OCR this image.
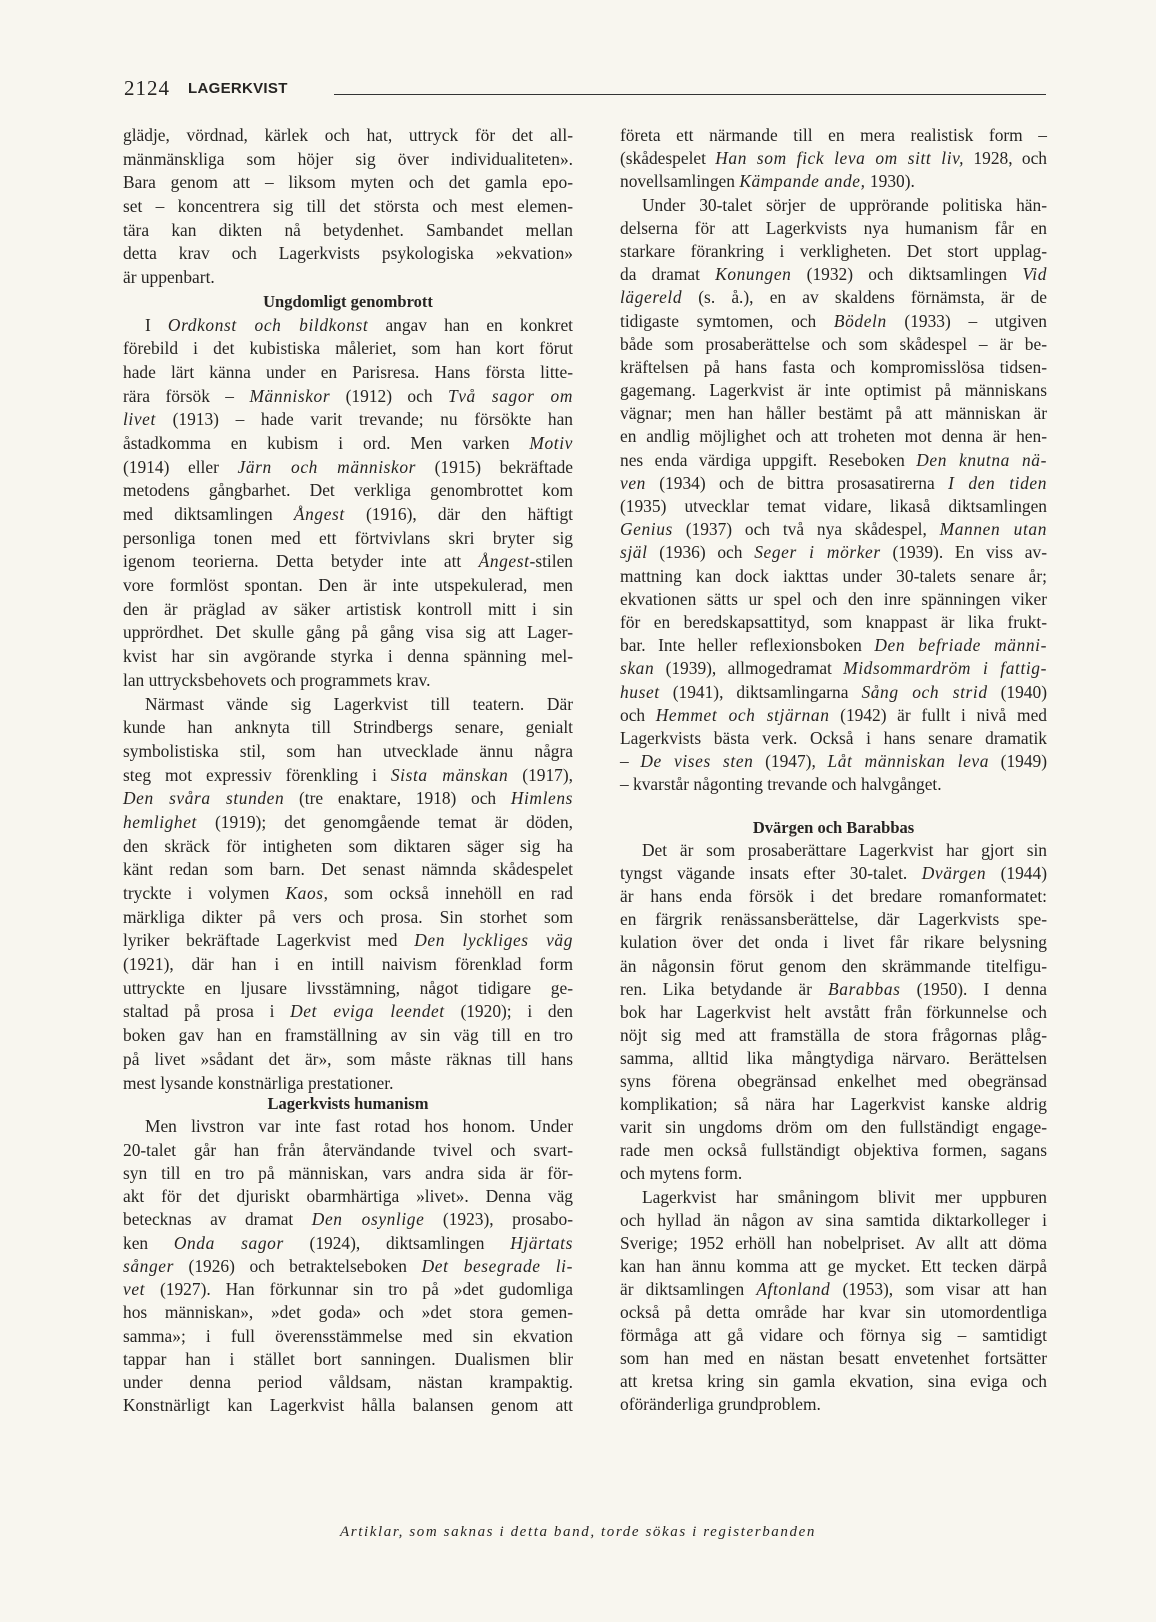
2124 LAGERKVIST
glädje, vördnad, kärlek och hat, uttryck för det all-
mänmänskliga som höjer sig över individualiteten».
Bara genom att – liksom myten och det gamla epo-
set – koncentrera sig till det största och mest elemen-
tära kan dikten nå betydenhet. Sambandet mellan
detta krav och Lagerkvists psykologiska »ekvation»
är uppenbart.
Ungdomligt genombrott
I Ordkonst och bildkonst angav han en konkret
förebild i det kubistiska måleriet, som han kort förut
hade lärt känna under en Parisresa. Hans första litte-
rära försök – Människor (1912) och Två sagor om
livet (1913) – hade varit trevande; nu försökte han
åstadkomma en kubism i ord. Men varken Motiv
(1914) eller Järn och människor (1915) bekräftade
metodens gångbarhet. Det verkliga genombrottet kom
med diktsamlingen Ångest (1916), där den häftigt
personliga tonen med ett förtvivlans skri bryter sig
igenom teorierna. Detta betyder inte att Ångest-stilen
vore formlöst spontan. Den är inte utspekulerad, men
den är präglad av säker artistisk kontroll mitt i sin
upprördhet. Det skulle gång på gång visa sig att Lager-
kvist har sin avgörande styrka i denna spänning mel-
lan uttrycksbehovets och programmets krav.
Närmast vände sig Lagerkvist till teatern. Där
kunde han anknyta till Strindbergs senare, genialt
symbolistiska stil, som han utvecklade ännu några
steg mot expressiv förenkling i Sista mänskan (1917),
Den svåra stunden (tre enaktare, 1918) och Himlens
hemlighet (1919); det genomgående temat är döden,
den skräck för intigheten som diktaren säger sig ha
känt redan som barn. Det senast nämnda skådespelet
tryckte i volymen Kaos, som också innehöll en rad
märkliga dikter på vers och prosa. Sin storhet som
lyriker bekräftade Lagerkvist med Den lyckliges väg
(1921), där han i en intill naivism förenklad form
uttryckte en ljusare livsstämning, något tidigare ge-
staltad på prosa i Det eviga leendet (1920); i den
boken gav han en framställning av sin väg till en tro
på livet »sådant det är», som måste räknas till hans
mest lysande konstnärliga prestationer.
Lagerkvists humanism
Men livstron var inte fast rotad hos honom. Under
20-talet går han från återvändande tvivel och svart-
syn till en tro på människan, vars andra sida är för-
akt för det djuriskt obarmhärtiga »livet». Denna väg
betecknas av dramat Den osynlige (1923), prosabo-
ken Onda sagor (1924), diktsamlingen Hjärtats
sånger (1926) och betraktelseboken Det besegrade li-
vet (1927). Han förkunnar sin tro på »det gudomliga
hos människan», »det goda» och »det stora gemen-
samma»; i full överensstämmelse med sin ekvation
tappar han i stället bort sanningen. Dualismen blir
under denna period våldsam, nästan krampaktig.
Konstnärligt kan Lagerkvist hålla balansen genom att
företa ett närmande till en mera realistisk form –
(skådespelet Han som fick leva om sitt liv, 1928, och
novellsamlingen Kämpande ande, 1930).
Under 30-talet sörjer de upprörande politiska hän-
delserna för att Lagerkvists nya humanism får en
starkare förankring i verkligheten. Det stort upplag-
da dramat Konungen (1932) och diktsamlingen Vid
lägereld (s. å.), en av skaldens förnämsta, är de
tidigaste symtomen, och Bödeln (1933) – utgiven
både som prosaberättelse och som skådespel – är be-
kräftelsen på hans fasta och kompromisslösa tidsen-
gagemang. Lagerkvist är inte optimist på människans
vägnar; men han håller bestämt på att människan är
en andlig möjlighet och att troheten mot denna är hen-
nes enda värdiga uppgift. Reseboken Den knutna nä-
ven (1934) och de bittra prosasatirerna I den tiden
(1935) utvecklar temat vidare, likaså diktsamlingen
Genius (1937) och två nya skådespel, Mannen utan
själ (1936) och Seger i mörker (1939). En viss av-
mattning kan dock iakttas under 30-talets senare år;
ekvationen sätts ur spel och den inre spänningen viker
för en beredskapsattityd, som knappast är lika frukt-
bar. Inte heller reflexionsboken Den befriade männi-
skan (1939), allmogedramat Midsommardröm i fattig-
huset (1941), diktsamlingarna Sång och strid (1940)
och Hemmet och stjärnan (1942) är fullt i nivå med
Lagerkvists bästa verk. Också i hans senare dramatik
– De vises sten (1947), Låt människan leva (1949)
– kvarstår någonting trevande och halvgånget.
Dvärgen och Barabbas
Det är som prosaberättare Lagerkvist har gjort sin
tyngst vägande insats efter 30-talet. Dvärgen (1944)
är hans enda försök i det bredare romanformatet:
en färgrik renässansberättelse, där Lagerkvists spe-
kulation över det onda i livet får rikare belysning
än någonsin förut genom den skrämmande titelfigu-
ren. Lika betydande är Barabbas (1950). I denna
bok har Lagerkvist helt avstått från förkunnelse och
nöjt sig med att framställa de stora frågornas plåg-
samma, alltid lika mångtydiga närvaro. Berättelsen
syns förena obegränsad enkelhet med obegränsad
komplikation; så nära har Lagerkvist kanske aldrig
varit sin ungdoms dröm om den fullständigt engage-
rade men också fullständigt objektiva formen, sagans
och mytens form.
Lagerkvist har småningom blivit mer uppburen
och hyllad än någon av sina samtida diktarkolleger i
Sverige; 1952 erhöll han nobelpriset. Av allt att döma
kan han ännu komma att ge mycket. Ett tecken därpå
är diktsamlingen Aftonland (1953), som visar att han
också på detta område har kvar sin utomordentliga
förmåga att gå vidare och förnya sig – samtidigt
som han med en nästan besatt envetenhet fortsätter
att kretsa kring sin gamla ekvation, sina eviga och
oföränderliga grundproblem.
Artiklar, som saknas i detta band, torde sökas i registerbanden
